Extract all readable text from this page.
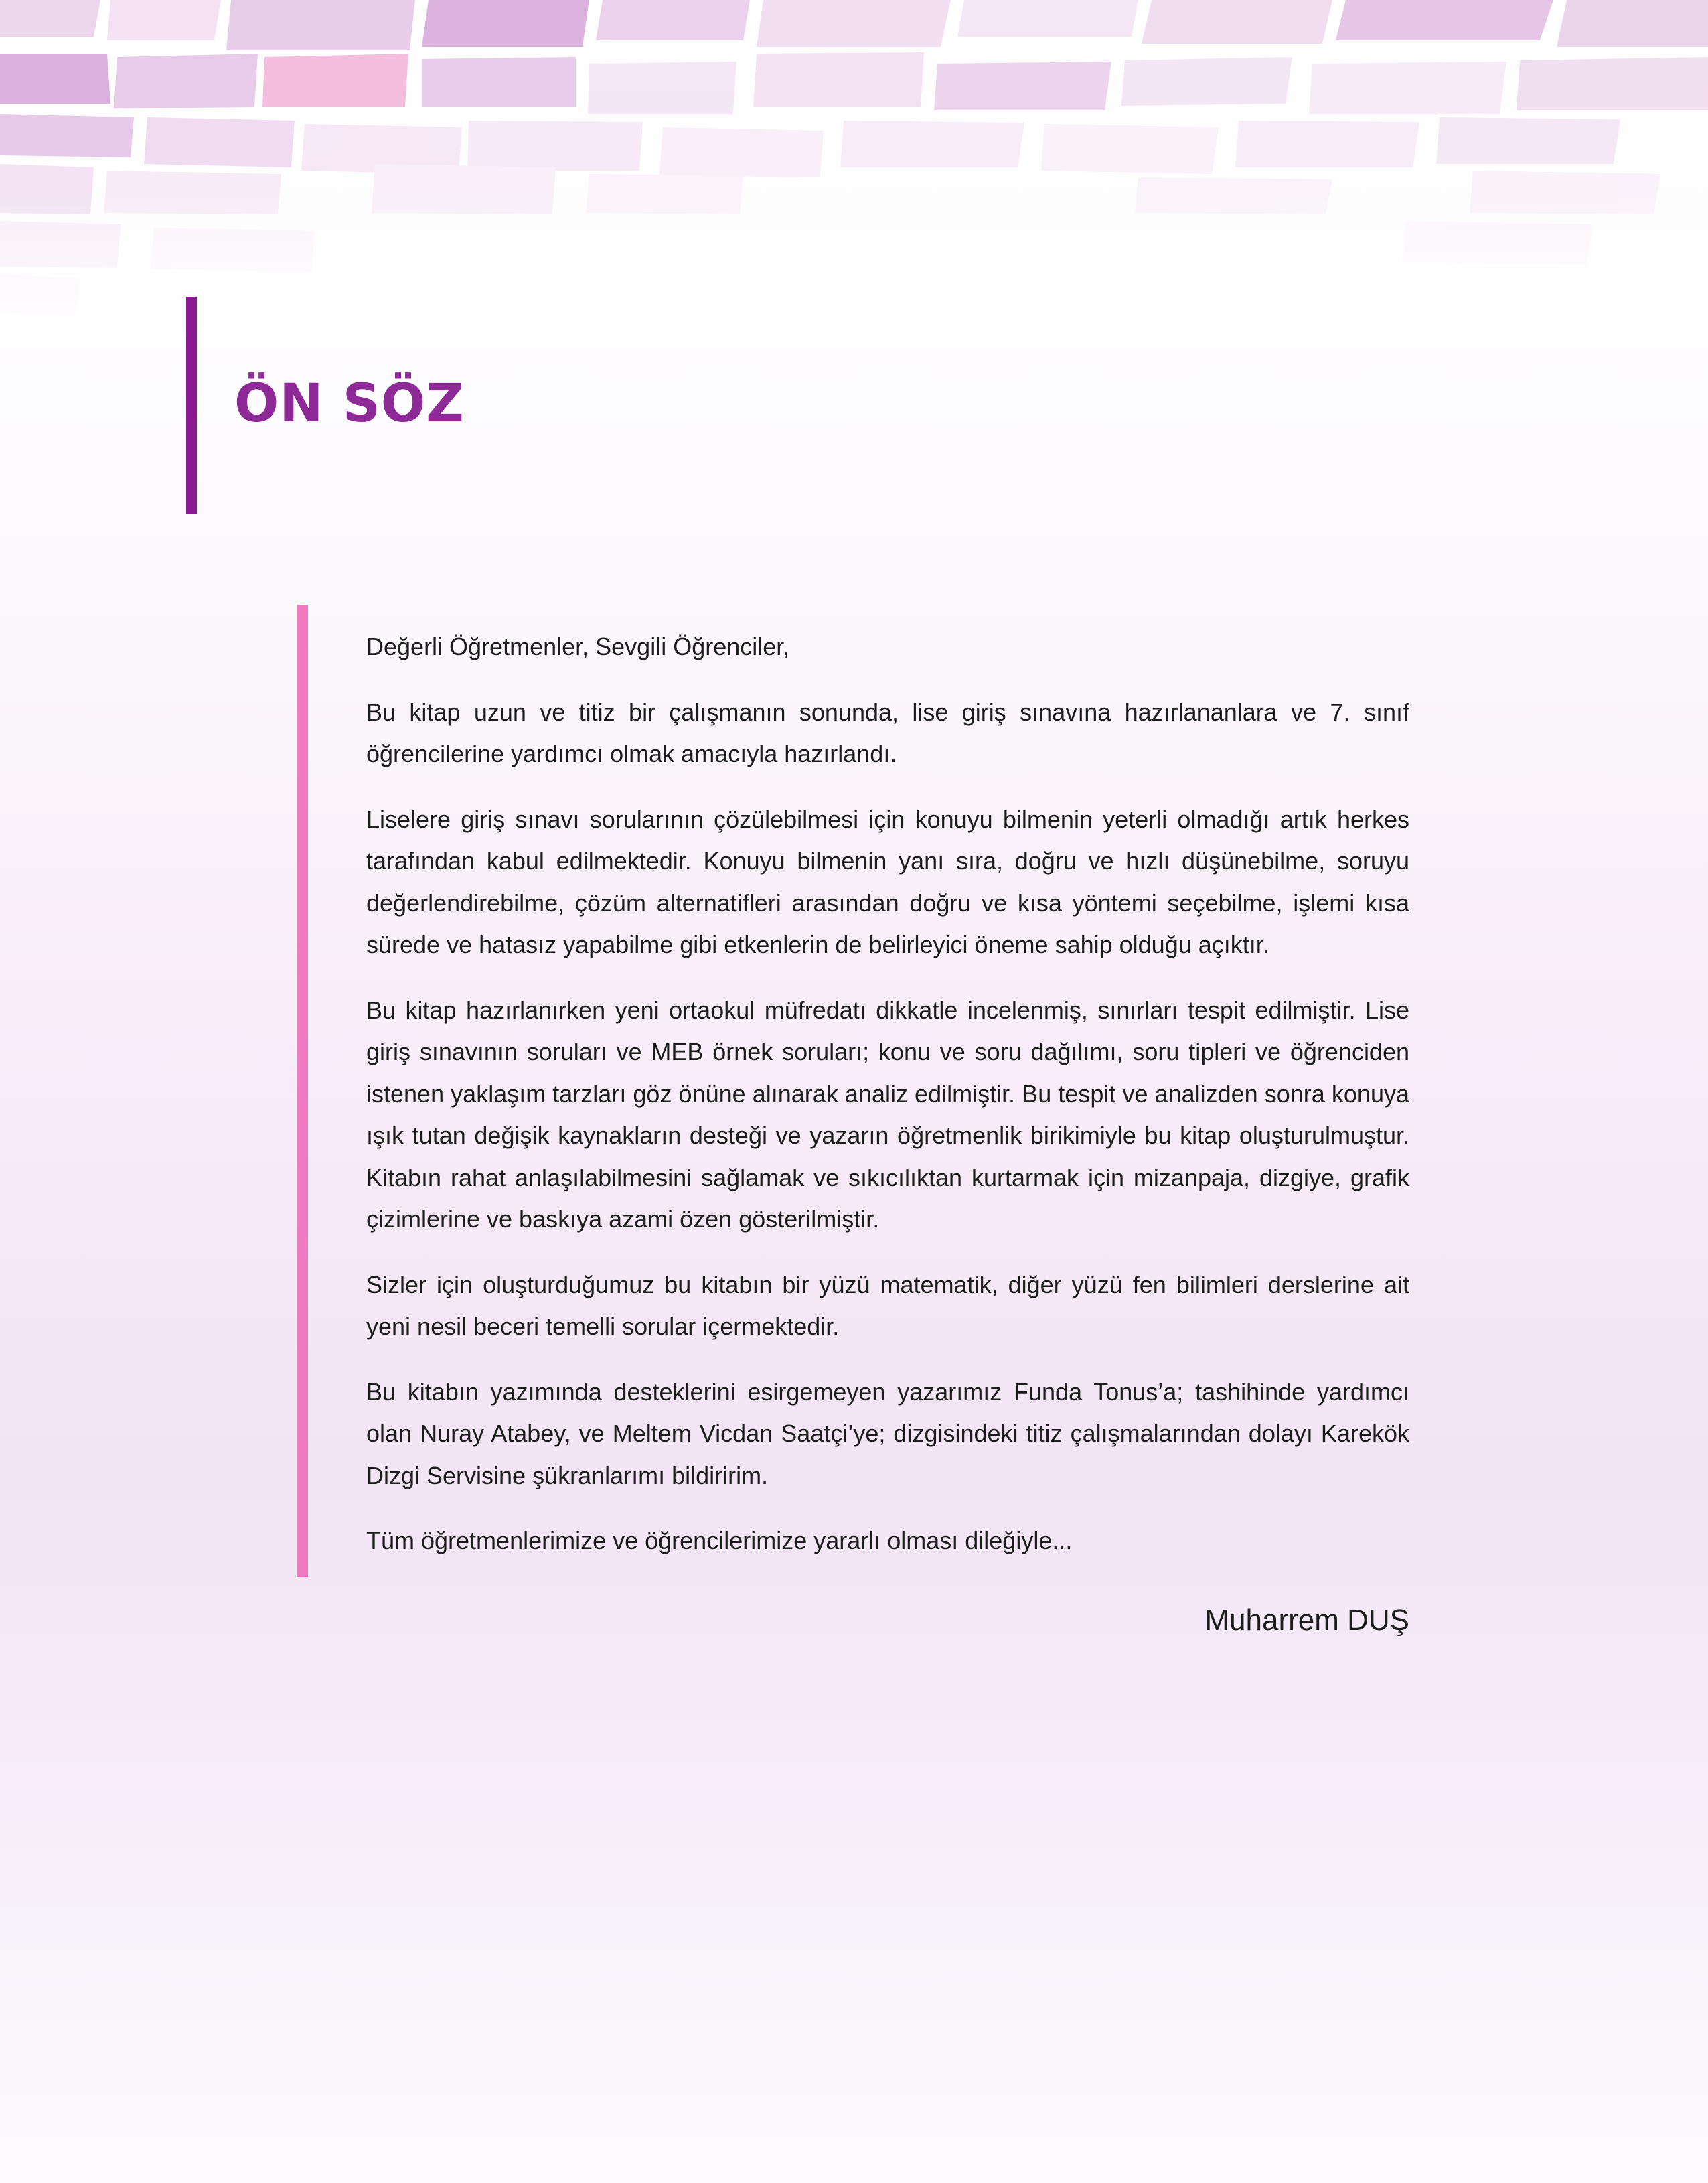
ÖN SÖZ

Değerli Öğretmenler, Sevgili Öğrenciler,

Bu kitap uzun ve titiz bir çalışmanın sonunda, lise giriş sınavına hazırlananlara ve 7. sınıf öğrencilerine yardımcı olmak amacıyla hazırlandı.

Liselere giriş sınavı sorularının çözülebilmesi için konuyu bilmenin yeterli olmadığı artık herkes tarafından kabul edilmektedir. Konuyu bilmenin yanı sıra, doğru ve hızlı düşünebilme, soruyu değerlendirebilme, çözüm alternatifleri arasından doğru ve kısa yöntemi seçebilme, işlemi kısa sürede ve hatasız yapabilme gibi etkenlerin de belirleyici öneme sahip olduğu açıktır.

Bu kitap hazırlanırken yeni ortaokul müfredatı dikkatle incelenmiş, sınırları tespit edilmiştir. Lise giriş sınavının soruları ve MEB örnek soruları; konu ve soru dağılımı, soru tipleri ve öğrenciden istenen yaklaşım tarzları göz önüne alınarak analiz edilmiştir. Bu tespit ve analizden sonra konuya ışık tutan değişik kaynakların desteği ve yazarın öğretmenlik birikimiyle bu kitap oluşturulmuştur. Kitabın rahat anlaşılabilmesini sağlamak ve sıkıcılıktan kurtarmak için mizanpaja, dizgiye, grafik çizimlerine ve baskıya azami özen gösterilmiştir.

Sizler için oluşturduğumuz bu kitabın bir yüzü matematik, diğer yüzü fen bilimleri derslerine ait yeni nesil beceri temelli sorular içermektedir.

Bu kitabın yazımında desteklerini esirgemeyen yazarımız Funda Tonus’a; tashihinde yardımcı olan Nuray Atabey, ve Meltem Vicdan Saatçi’ye; dizgisindeki titiz çalışmalarından dolayı Karekök Dizgi Servisine şükranlarımı bildiririm.

Tüm öğretmenlerimize ve öğrencilerimize yararlı olması dileğiyle...

Muharrem DUŞ
